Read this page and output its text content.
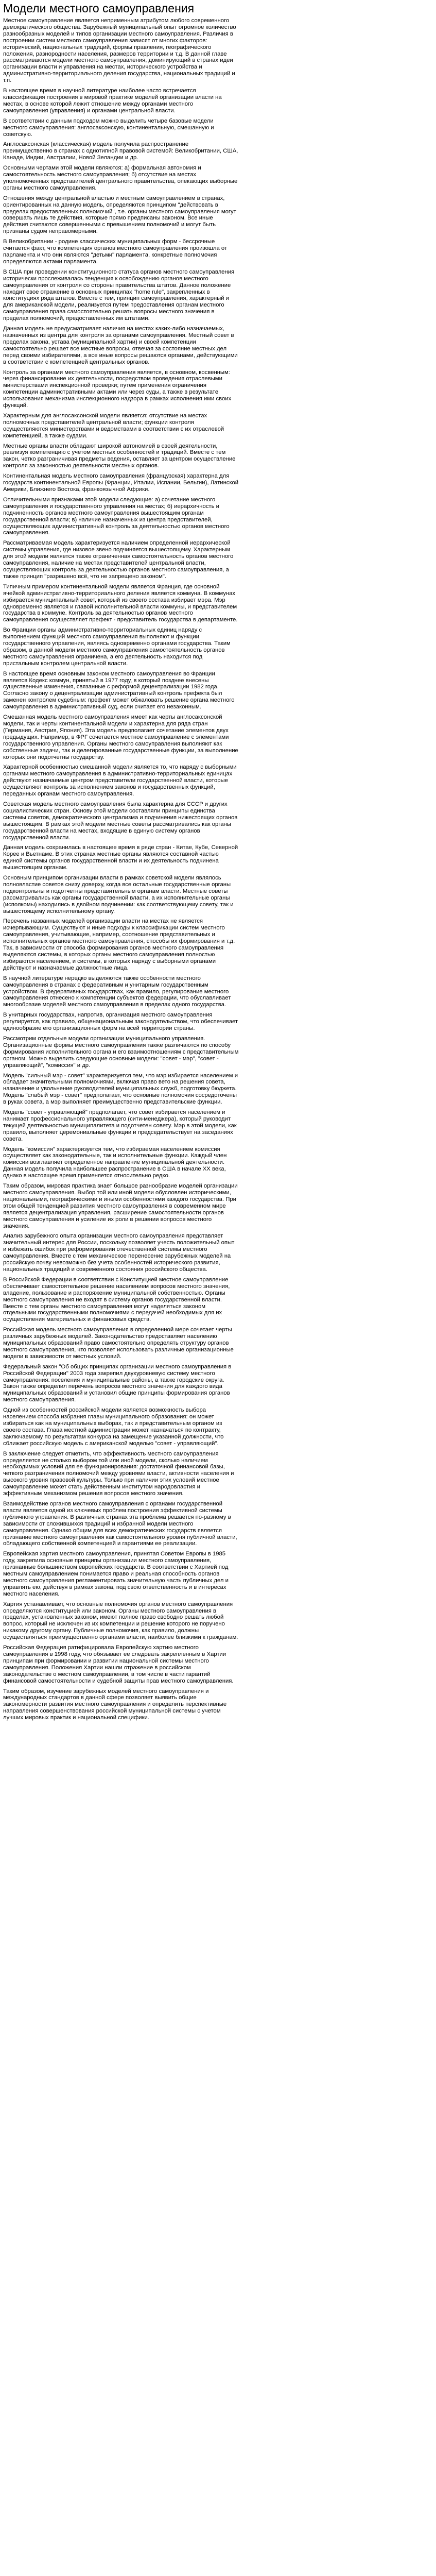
Модели местного самоуправления

Местное самоуправление является неприменным атрибутом любого современного демократического общества. Зарубежный муниципальный опыт огромное количество разнообразных моделей и типов организации местного самоуправления. Различия в построении систем местного самоуправления зависят от многих факторов: исторический, национальных традиций, формы правления, географического положения, разнородности населения, размеров территории и т.д. В данной главе рассматриваются модели местного самоуправления, доминирующий в странах идеи организации власти и управления на местах, исторического устройства и административно-территориального деления государства, национальных традиций и т.п.

В настоящее время в научной литературе наиболее часто встречается классификация построения в мировой практике моделей организации власти на местах, в основе которой лежит отношение между органами местного самоуправления (управления) и органами центральной власти.

В соответствии с данным подходом можно выделить четыре базовые модели местного самоуправления: англосаксонскую, континентальную, смешанную и советскую.

Англосаксонская (классическая) модель получила распространение преимущественно в странах с однотипной правовой системой: Великобритании, США, Канаде, Индии, Австралии, Новой Зеландии и др.

Основными чертами этой модели являются: а) формальная автономия и самостоятельность местного самоуправления; б) отсутствие на местах уполномоченных представителей центрального правительства, опекающих выборные органы местного самоуправления.

Отношения между центральной властью и местным самоуправлением в странах, ориентированных на данную модель, определяются принципом "действовать в пределах предоставленных полномочий", т.е. органы местного самоуправления могут совершать лишь те действия, которые прямо предписаны законом. Все иные действия считаются совершенными с превышением полномочий и могут быть признаны судом неправомерными.

В Великобритании - родине классических муниципальных форм - бессрочные считается факт, что компетенция органов местного самоуправления произошла от парламента и что они являются "детьми" парламента, конкретные полномочия определяются актами парламента.

В США при проведении конституционного статуса органов местного самоуправления исторически прослеживалась тенденция к освобождению органов местного самоуправления от контроля со стороны правительства штатов. Данное положение находит свое отражение в основных принципах "home rule", закрепленных в конституциях ряда штатов. Вместе с тем, принцип самоуправления, характерный и для американской модели, реализуется путем предоставления органам местного самоуправления права самостоятельно решать вопросы местного значения в пределах полномочий, предоставленных им штатами.

Данная модель не предусматривает наличия на местах каких-либо назначаемых, назначенных из центра для контроля за органами самоуправления. Местный совет в пределах закона, устава (муниципальной хартии) и своей компетенции самостоятельно решает все местные вопросы, отвечая за состояние местных дел перед своими избирателями, а все иные вопросы решаются органами, действующими в соответствии с компетенцией центральных органов.

Контроль за органами местного самоуправления является, в основном, косвенным: через финансирование их деятельности, посредством проведения отраслевыми министерствами инспекционной проверки; путем применения ограничения компетенции административными актами или через суды, а также в результате использования механизма инспекционного надзора в рамках исполнения ими своих функций.

Характерным для англосаксонской модели является: отсутствие на местах полномочных представителей центральной власти; функции контроля осуществляются министерствами и ведомствами в соответствии с их отраслевой компетенцией, а также судами.

Местные органы власти обладают широкой автономией в своей деятельности, реализуя компетенцию с учетом местных особенностей и традиций. Вместе с тем закон, четко разграничивая предметы ведения, оставляет за центром осуществление контроля за законностью деятельности местных органов.

Континентальная модель местного самоуправления (французская) характерна для государств континентальной Европы (Франции, Италии, Испании, Бельгии), Латинской Америки, Ближнего Востока, франкоязычной Африки.

Отличительными признаками этой модели следующие: а) сочетание местного самоуправления и государственного управления на местах; б) иерархичность и подчиненность органов местного самоуправления вышестоящим органам государственной власти; в) наличие назначенных из центра представителей, осуществляющих административный контроль за деятельностью органов местного самоуправления.

Рассматриваемая модель характеризуется наличием определенной иерархической системы управления, где низовое звено подчиняется вышестоящему. Характерным для этой модели является также ограниченная самостоятельность органов местного самоуправления, наличие на местах представителей центральной власти, осуществляющих контроль за деятельностью органов местного самоуправления, а также принцип "разрешено всё, что не запрещено законом".

Типичным примером континентальной модели является Франция, где основной ячейкой административно-территориального деления является коммуна. В коммунах избирается муниципальный совет, который из своего состава избирает мэра. Мэр одновременно является и главой исполнительной власти коммуны, и представителем государства в коммуне. Контроль за деятельностью органов местного самоуправления осуществляет префект - представитель государства в департаменте.

Во Франции органы административно-территориальных единиц наряду с выполнением функций местного самоуправления выполняют и функции государственного управления, являясь одновременно органами государства. Таким образом, в данной модели местного самоуправления самостоятельность органов местного самоуправления ограничена, а его деятельность находится под пристальным контролем центральной власти.

В настоящее время основным законом местного самоуправления во Франции является Кодекс коммун, принятый в 1977 году, в который позднее внесены существенные изменения, связанные с реформой децентрализации 1982 года. Согласно закону о децентрализации административный контроль префекта был заменен контролем судебным: префект может обжаловать решение органа местного самоуправления в административный суд, если считает его незаконным.

Смешанная модель местного самоуправления имеет как черты англосаксонской модели, так и черты континентальной модели и характерна для ряда стран (Германия, Австрия, Япония). Эта модель предполагает сочетание элементов двух предыдущих. Например, в ФРГ сочетается местное самоуправление с элементами государственного управления. Органы местного самоуправления выполняют как собственные задачи, так и делегированные государственные функции, за выполнение которых они подотчетны государству.

Характерной особенностью смешанной модели является то, что наряду с выборными органами местного самоуправления в административно-территориальных единицах действуют назначаемые центром представители государственной власти, которые осуществляют контроль за исполнением законов и государственных функций, переданных органам местного самоуправления.

Советская модель местного самоуправления была характерна для СССР и других социалистических стран. Основу этой модели составляли принципы единства системы советов, демократического централизма и подчинения нижестоящих органов вышестоящим. В рамках этой модели местные советы рассматривались как органы государственной власти на местах, входящие в единую систему органов государственной власти.

Данная модель сохранилась в настоящее время в ряде стран - Китае, Кубе, Северной Корее и Вьетнаме. В этих странах местные органы являются составной частью единой системы органов государственной власти и их деятельность подчинена вышестоящим органам.

Основным принципом организации власти в рамках советской модели являлось полновластие советов снизу доверху, когда все остальные государственные органы подконтрольны и подотчетны представительным органам власти. Местные советы рассматривались как органы государственной власти, а их исполнительные органы (исполкомы) находились в двойном подчинении: как соответствующему совету, так и вышестоящему исполнительному органу.

Перечень названных моделей организации власти на местах не является исчерпывающим. Существуют и иные подходы к классификации систем местного самоуправления, учитывающие, например, соотношение представительных и исполнительных органов местного самоуправления, способы их формирования и т.д. Так, в зависимости от способа формирования органов местного самоуправления выделяются системы, в которых органы местного самоуправления полностью избираются населением, и системы, в которых наряду с выборными органами действуют и назначаемые должностные лица.

В научной литературе нередко выделяются также особенности местного самоуправления в странах с федеративным и унитарным государственным устройством. В федеративных государствах, как правило, регулирование местного самоуправления отнесено к компетенции субъектов федерации, что обуславливает многообразие моделей местного самоуправления в пределах одного государства.

В унитарных государствах, напротив, организация местного самоуправления регулируется, как правило, общенациональным законодательством, что обеспечивает единообразие его организационных форм на всей территории страны.

Рассмотрим отдельные модели организации муниципального управления. Организационные формы местного самоуправления также различаются по способу формирования исполнительного органа и его взаимоотношениям с представительным органом. Можно выделить следующие основные модели: "совет - мэр", "совет - управляющий", "комиссия" и др.

Модель "сильный мэр - совет" характеризуется тем, что мэр избирается населением и обладает значительными полномочиями, включая право вето на решения совета, назначение и увольнение руководителей муниципальных служб, подготовку бюджета. Модель "слабый мэр - совет" предполагает, что основные полномочия сосредоточены в руках совета, а мэр выполняет преимущественно представительские функции.

Модель "совет - управляющий" предполагает, что совет избирается населением и нанимает профессионального управляющего (сити-менеджера), который руководит текущей деятельностью муниципалитета и подотчетен совету. Мэр в этой модели, как правило, выполняет церемониальные функции и председательствует на заседаниях совета.

Модель "комиссия" характеризуется тем, что избираемая населением комиссия осуществляет как законодательные, так и исполнительные функции. Каждый член комиссии возглавляет определенное направление муниципальной деятельности. Данная модель получила наибольшее распространение в США в начале XX века, однако в настоящее время применяется относительно редко.

Таким образом, мировая практика знает большое разнообразие моделей организации местного самоуправления. Выбор той или иной модели обусловлен историческими, национальными, географическими и иными особенностями каждого государства. При этом общей тенденцией развития местного самоуправления в современном мире является децентрализация управления, расширение самостоятельности органов местного самоуправления и усиление их роли в решении вопросов местного значения.

Анализ зарубежного опыта организации местного самоуправления представляет значительный интерес для России, поскольку позволяет учесть положительный опыт и избежать ошибок при реформировании отечественной системы местного самоуправления. Вместе с тем механическое перенесение зарубежных моделей на российскую почву невозможно без учета особенностей исторического развития, национальных традиций и современного состояния российского общества.

В Российской Федерации в соответствии с Конституцией местное самоуправление обеспечивает самостоятельное решение населением вопросов местного значения, владение, пользование и распоряжение муниципальной собственностью. Органы местного самоуправления не входят в систему органов государственной власти. Вместе с тем органы местного самоуправления могут наделяться законом отдельными государственными полномочиями с передачей необходимых для их осуществления материальных и финансовых средств.

Российская модель местного самоуправления в определенной мере сочетает черты различных зарубежных моделей. Законодательство предоставляет населению муниципальных образований право самостоятельно определять структуру органов местного самоуправления, что позволяет использовать различные организационные модели в зависимости от местных условий.

Федеральный закон "Об общих принципах организации местного самоуправления в Российской Федерации" 2003 года закрепил двухуровневую систему местного самоуправления: поселения и муниципальные районы, а также городские округа. Закон также определил перечень вопросов местного значения для каждого вида муниципальных образований и установил общие принципы формирования органов местного самоуправления.

Одной из особенностей российской модели является возможность выбора населением способа избрания главы муниципального образования: он может избираться как на муниципальных выборах, так и представительным органом из своего состава. Глава местной администрации может назначаться по контракту, заключаемому по результатам конкурса на замещение указанной должности, что сближает российскую модель с американской моделью "совет - управляющий".

В заключение следует отметить, что эффективность местного самоуправления определяется не столько выбором той или иной модели, сколько наличием необходимых условий для ее функционирования: достаточной финансовой базы, четкого разграничения полномочий между уровнями власти, активности населения и высокого уровня правовой культуры. Только при наличии этих условий местное самоуправление может стать действенным институтом народовластия и эффективным механизмом решения вопросов местного значения.

Взаимодействие органов местного самоуправления с органами государственной власти является одной из ключевых проблем построения эффективной системы публичного управления. В различных странах эта проблема решается по-разному в зависимости от сложившихся традиций и избранной модели местного самоуправления. Однако общим для всех демократических государств является признание местного самоуправления как самостоятельного уровня публичной власти, обладающего собственной компетенцией и гарантиями ее реализации.

Европейская хартия местного самоуправления, принятая Советом Европы в 1985 году, закрепила основные принципы организации местного самоуправления, признанные большинством европейских государств. В соответствии с Хартией под местным самоуправлением понимается право и реальная способность органов местного самоуправления регламентировать значительную часть публичных дел и управлять ею, действуя в рамках закона, под свою ответственность и в интересах местного населения.

Хартия устанавливает, что основные полномочия органов местного самоуправления определяются конституцией или законом. Органы местного самоуправления в пределах, установленных законом, имеют полное право свободно решать любой вопрос, который не исключен из их компетенции и решение которого не поручено никакому другому органу. Публичные полномочия, как правило, должны осуществляться преимущественно органами власти, наиболее близкими к гражданам.

Российская Федерация ратифицировала Европейскую хартию местного самоуправления в 1998 году, что обязывает ее следовать закрепленным в Хартии принципам при формировании и развитии национальной системы местного самоуправления. Положения Хартии нашли отражение в российском законодательстве о местном самоуправлении, в том числе в части гарантий финансовой самостоятельности и судебной защиты прав местного самоуправления.

Таким образом, изучение зарубежных моделей местного самоуправления и международных стандартов в данной сфере позволяет выявить общие закономерности развития местного самоуправления и определить перспективные направления совершенствования российской муниципальной системы с учетом лучших мировых практик и национальной специфики.
